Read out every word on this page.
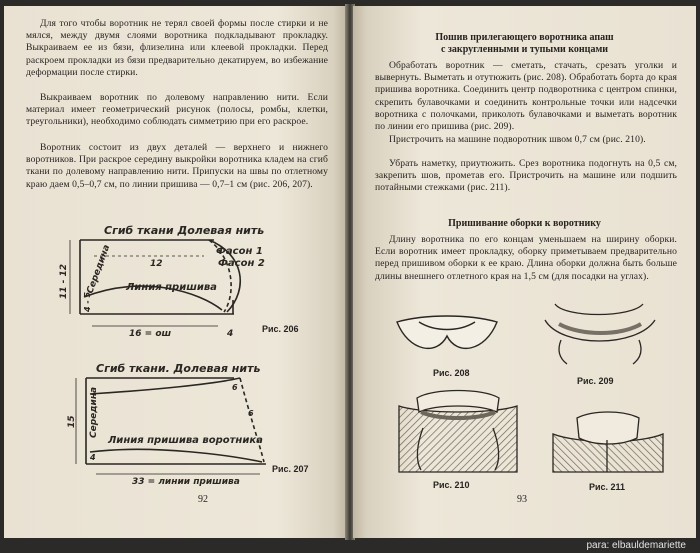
Для того чтобы воротник не терял своей формы после стирки и не мялся, между двумя слоями воротника подкладывают прокладку. Выкраиваем ее из бязи, флизелина или клеевой прокладки. Перед раскроем прокладки из бязи предварительно декатируем, во избежание деформации после стирки.

Выкраиваем воротник по долевому направлению нити. Если материал имеет геометрический рисунок (полосы, ромбы, клетки, треугольники), необходимо соблюдать симметрию при его раскрое.

Воротник состоит из двух деталей — верхнего и нижнего воротников. При раскрое середину выкройки воротника кладем на сгиб ткани по долевому направлению нити. Припуски на швы по отлетному краю даем 0,5–0,7 см, по линии пришива — 0,7–1 см (рис. 206, 207).

Сгиб ткани Долевая нить
Фасон 1
Фасон 2
Линия пришива
Середина
11 - 12
4 - 5
12
16 = ош	4	Рис. 206
Сгиб ткани. Долевая нить
Линия пришива воротника
Середина
15
4
6
6
33 = линии пришива
Рис. 207
92
Пошив прилегающего воротника апаш
с закругленными и тупыми концами

Обработать воротник — сметать, стачать, срезать уголки и вывернуть. Выметать и отутюжить (рис. 208). Обработать борта до края пришива воротника. Соединить центр подворотника с центром спинки, скрепить булавочками и соединить контрольные точки или надсечки воротника с полочками, приколоть булавочками и выметать воротник по линии его пришива (рис. 209).

Пристрочить на машине подворотник швом 0,7 см (рис. 210).

Убрать наметку, приутюжить. Срез воротника подогнуть на 0,5 см, закрепить шов, прометав его. Пристрочить на машине или подшить потайными стежками (рис. 211).

Пришивание оборки к воротнику

Длину воротника по его концам уменьшаем на ширину оборки. Если воротник имеет прокладку, оборку приметываем предварительно перед пришивом оборки к ее краю. Длина оборки должна быть больше длины внешнего отлетного края на 1,5 см (для посадки на углах).

Рис. 208
Рис. 209
Рис. 210	Рис. 211
93
para: elbauldemariette
